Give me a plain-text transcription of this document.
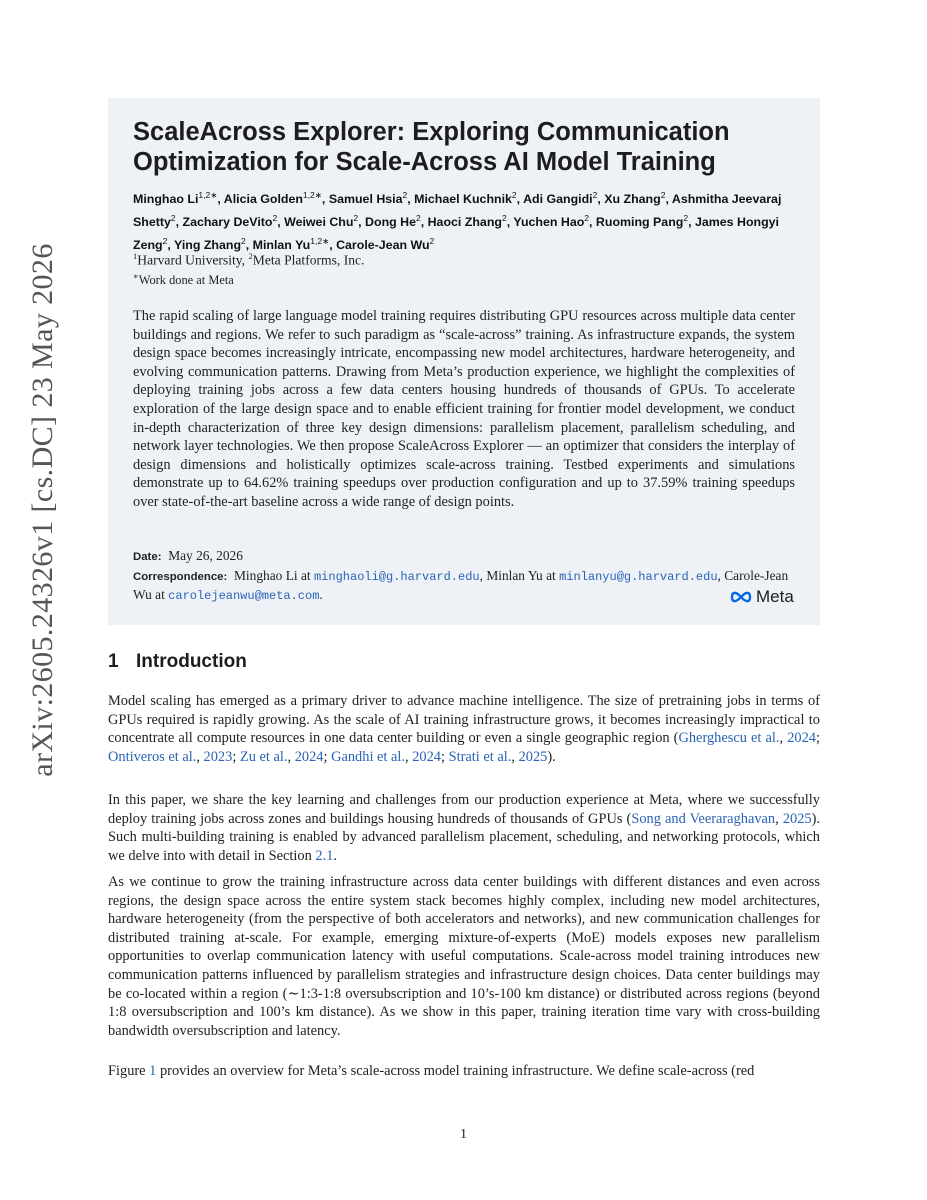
arXiv:2605.24326v1 [cs.DC] 23 May 2026
ScaleAcross Explorer: Exploring Communication Optimization for Scale-Across AI Model Training
Minghao $Li^{1,2∗}$, Alicia Golden$^{1,2∗}$, Samuel Hsia$^2$, Michael Kuchnik$^2$, Adi Gangidi$^2$, Xu Zhang$^2$, Ashmitha Jeevaraj Shetty$^2$, Zachary DeVito$^2$, Weiwei Chu$^2$, Dong He$^2$, Haoci Zhang$^2$, Yuchen Hao$^2$, Ruoming Pang$^2$, James Hongyi Zeng$^2$, Ying Zhang$^2$, Minlan $Yu^{1,2∗}$, Carole-Jean Wu$^2$
$^1$Harvard University, $^2$Meta Platforms, Inc.
∗Work done at Meta

The rapid scaling of large language model training requires distributing GPU resources across multiple data center buildings and regions. We refer to such paradigm as “scale-across” training. As infrastructure expands, the system design space becomes increasingly intricate, encompassing new model architectures, hardware heterogeneity, and evolving communication patterns. Drawing from Meta’s production experience, we highlight the complexities of deploying training jobs across a few data centers housing hundreds of thousands of GPUs. To accelerate exploration of the large design space and to enable efficient training for frontier model development, we conduct in-depth characterization of three key design dimensions: parallelism placement, parallelism scheduling, and network layer technologies. We then propose ScaleAcross Explorer — an optimizer that considers the interplay of design dimensions and holistically optimizes scale-across training. Testbed experiments and simulations demonstrate up to 64.62% training speedups over production configuration and up to 37.59% training speedups over state-of-the-art baseline across a wide range of design points.

Date: May 26, 2026
Correspondence: Minghao Li at minghaoli@g.harvard.edu, Minlan Yu at minlanyu@g.harvard.edu, Carole-Jean Wu at carolejeanwu@meta.com.	Meta
1 Introduction

Model scaling has emerged as a primary driver to advance machine intelligence. The size of pretraining jobs in terms of GPUs required is rapidly growing. As the scale of AI training infrastructure grows, it becomes increasingly impractical to concentrate all compute resources in one data center building or even a single geographic region (Gherghescu et al., 2024; Ontiveros et al., 2023; Zu et al., 2024; Gandhi et al., 2024; Strati et al., 2025).

In this paper, we share the key learning and challenges from our production experience at Meta, where we successfully deploy training jobs across zones and buildings housing hundreds of thousands of GPUs (Song and Veeraraghavan, 2025). Such multi-building training is enabled by advanced parallelism placement, scheduling, and networking protocols, which we delve into with detail in Section 2.1.

As we continue to grow the training infrastructure across data center buildings with different distances and even across regions, the design space across the entire system stack becomes highly complex, including new model architectures, hardware heterogeneity (from the perspective of both accelerators and networks), and new communication challenges for distributed training at-scale. For example, emerging mixture-of-experts (MoE) models exposes new parallelism opportunities to overlap communication latency with useful computations. Scale-across model training introduces new communication patterns influenced by parallelism strategies and infrastructure design choices. Data center buildings may be co-located within a region (∼1:3-1:8 oversubscription and 10’s-100 km distance) or distributed across regions (beyond 1:8 oversubscription and 100’s km distance). As we show in this paper, training iteration time vary with cross-building bandwidth oversubscription and latency.

Figure 1 provides an overview for Meta’s scale-across model training infrastructure. We define scale-across (red

1
